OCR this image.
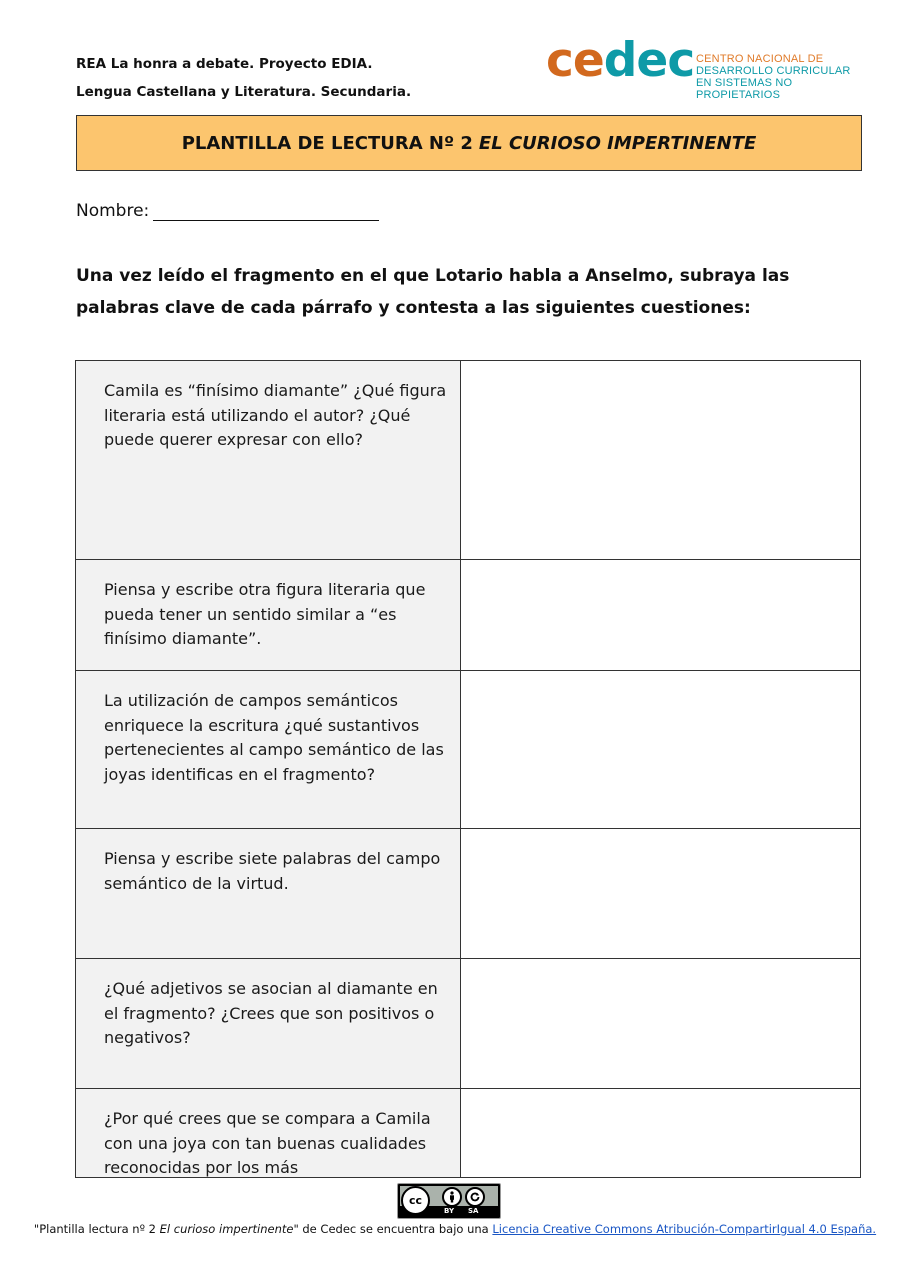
REA La honra a debate. Proyecto EDIA.
Lengua Castellana y Literatura. Secundaria.
cedec CENTRO NACIONAL DE
DESARROLLO CURRICULAR
EN SISTEMAS NO PROPIETARIOS
PLANTILLA DE LECTURA Nº 2 EL CURIOSO IMPERTINENTE
Nombre:
Una vez leído el fragmento en el que Lotario habla a Anselmo, subraya las palabras clave de cada párrafo y contesta a las siguientes cuestiones:
Camila es “finísimo diamante” ¿Qué figura literaria está utilizando el autor? ¿Qué puede querer expresar con ello?	
Piensa y escribe otra figura literaria que pueda tener un sentido similar a “es finísimo diamante”.	
La utilización de campos semánticos enriquece la escritura ¿qué sustantivos pertenecientes al campo semántico de las joyas identificas en el fragmento?	
Piensa y escribe siete palabras del campo semántico de la virtud.	
¿Qué adjetivos se asocian al diamante en el fragmento? ¿Crees que son positivos o negativos?	

¿Por qué crees que se compara a Camila con una joya con tan buenas cualidades reconocidas por los más	

cc
BY SA
"Plantilla lectura nº 2 El curioso impertinente" de Cedec se encuentra bajo una Licencia Creative Commons Atribución-CompartirIgual 4.0 España.
